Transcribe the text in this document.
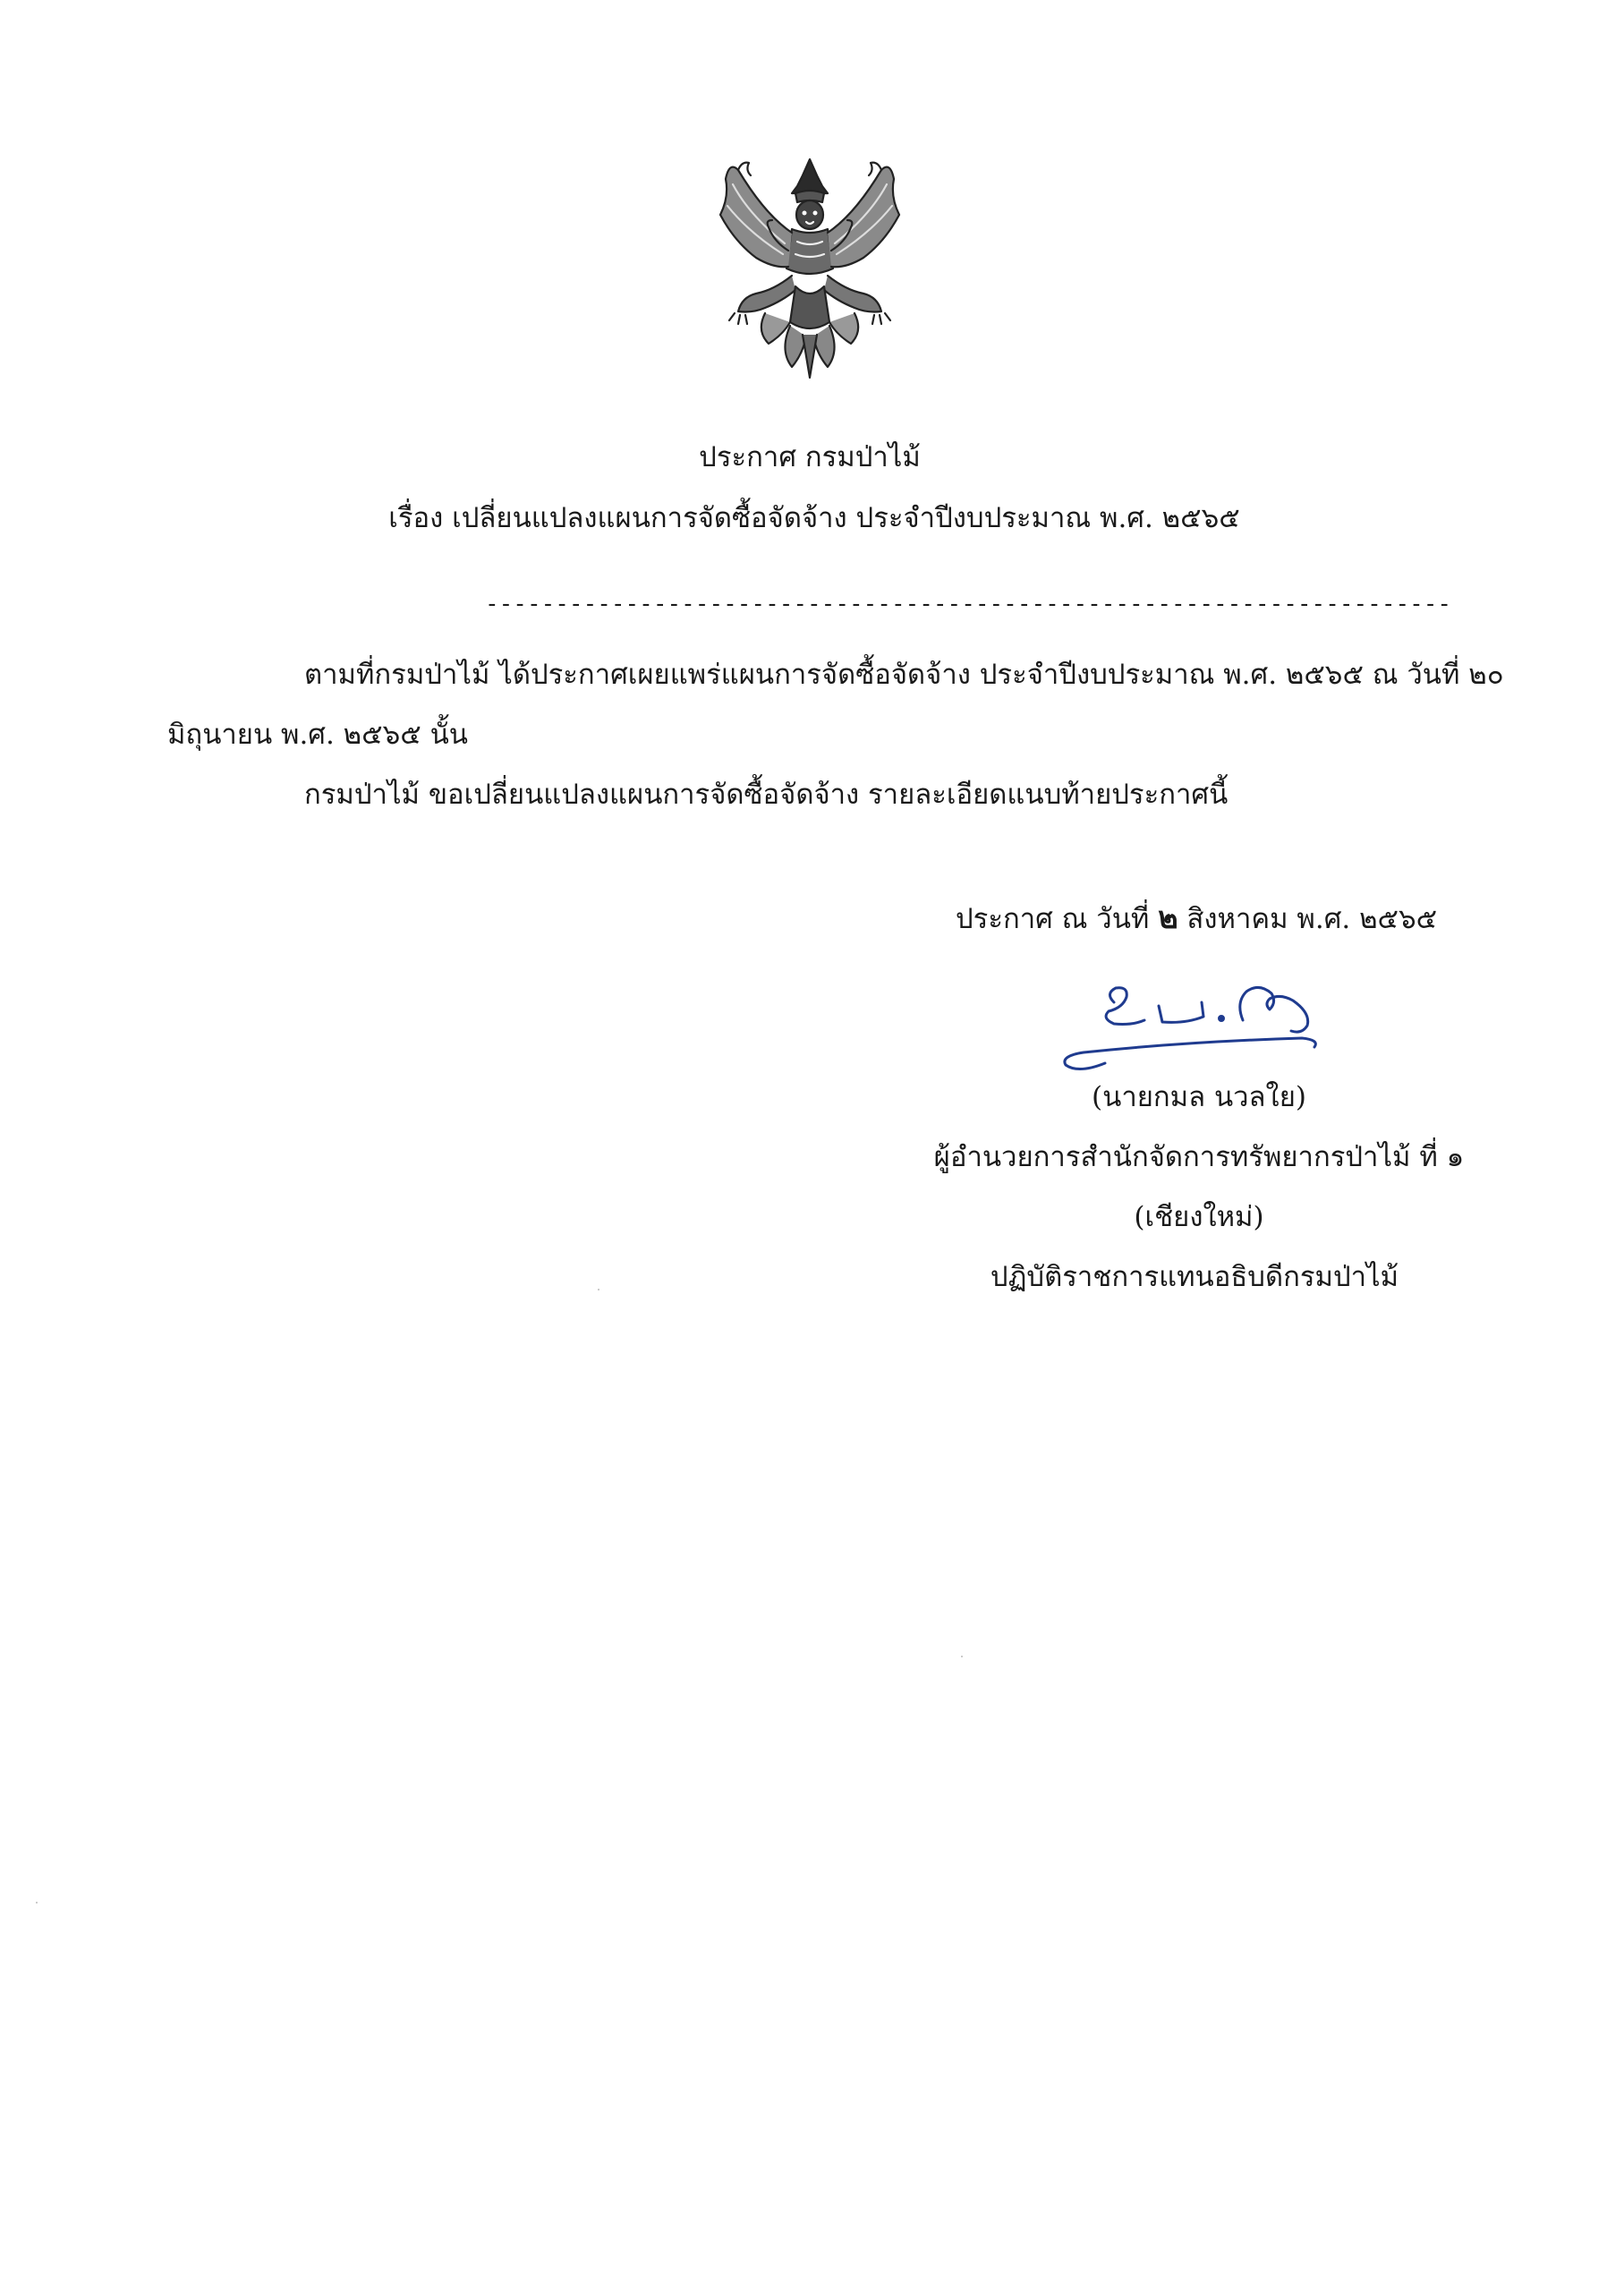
ประกาศ กรมป่าไม้
เรื่อง เปลี่ยนแปลงแผนการจัดซื้อจัดจ้าง ประจำปีงบประมาณ พ.ศ. ๒๕๖๕
---------------------------------------------------------------------
ตามที่กรมป่าไม้ ได้ประกาศเผยแพร่แผนการจัดซื้อจัดจ้าง ประจำปีงบประมาณ พ.ศ. ๒๕๖๕ ณ วันที่ ๒๐
มิถุนายน พ.ศ. ๒๕๖๕ นั้น
กรมป่าไม้ ขอเปลี่ยนแปลงแผนการจัดซื้อจัดจ้าง รายละเอียดแนบท้ายประกาศนี้
ประกาศ ณ วันที่ ๒ สิงหาคม พ.ศ. ๒๕๖๕
(นายกมล นวลใย)
ผู้อำนวยการสำนักจัดการทรัพยากรป่าไม้ ที่ ๑
(เชียงใหม่)
ปฏิบัติราชการแทนอธิบดีกรมป่าไม้
